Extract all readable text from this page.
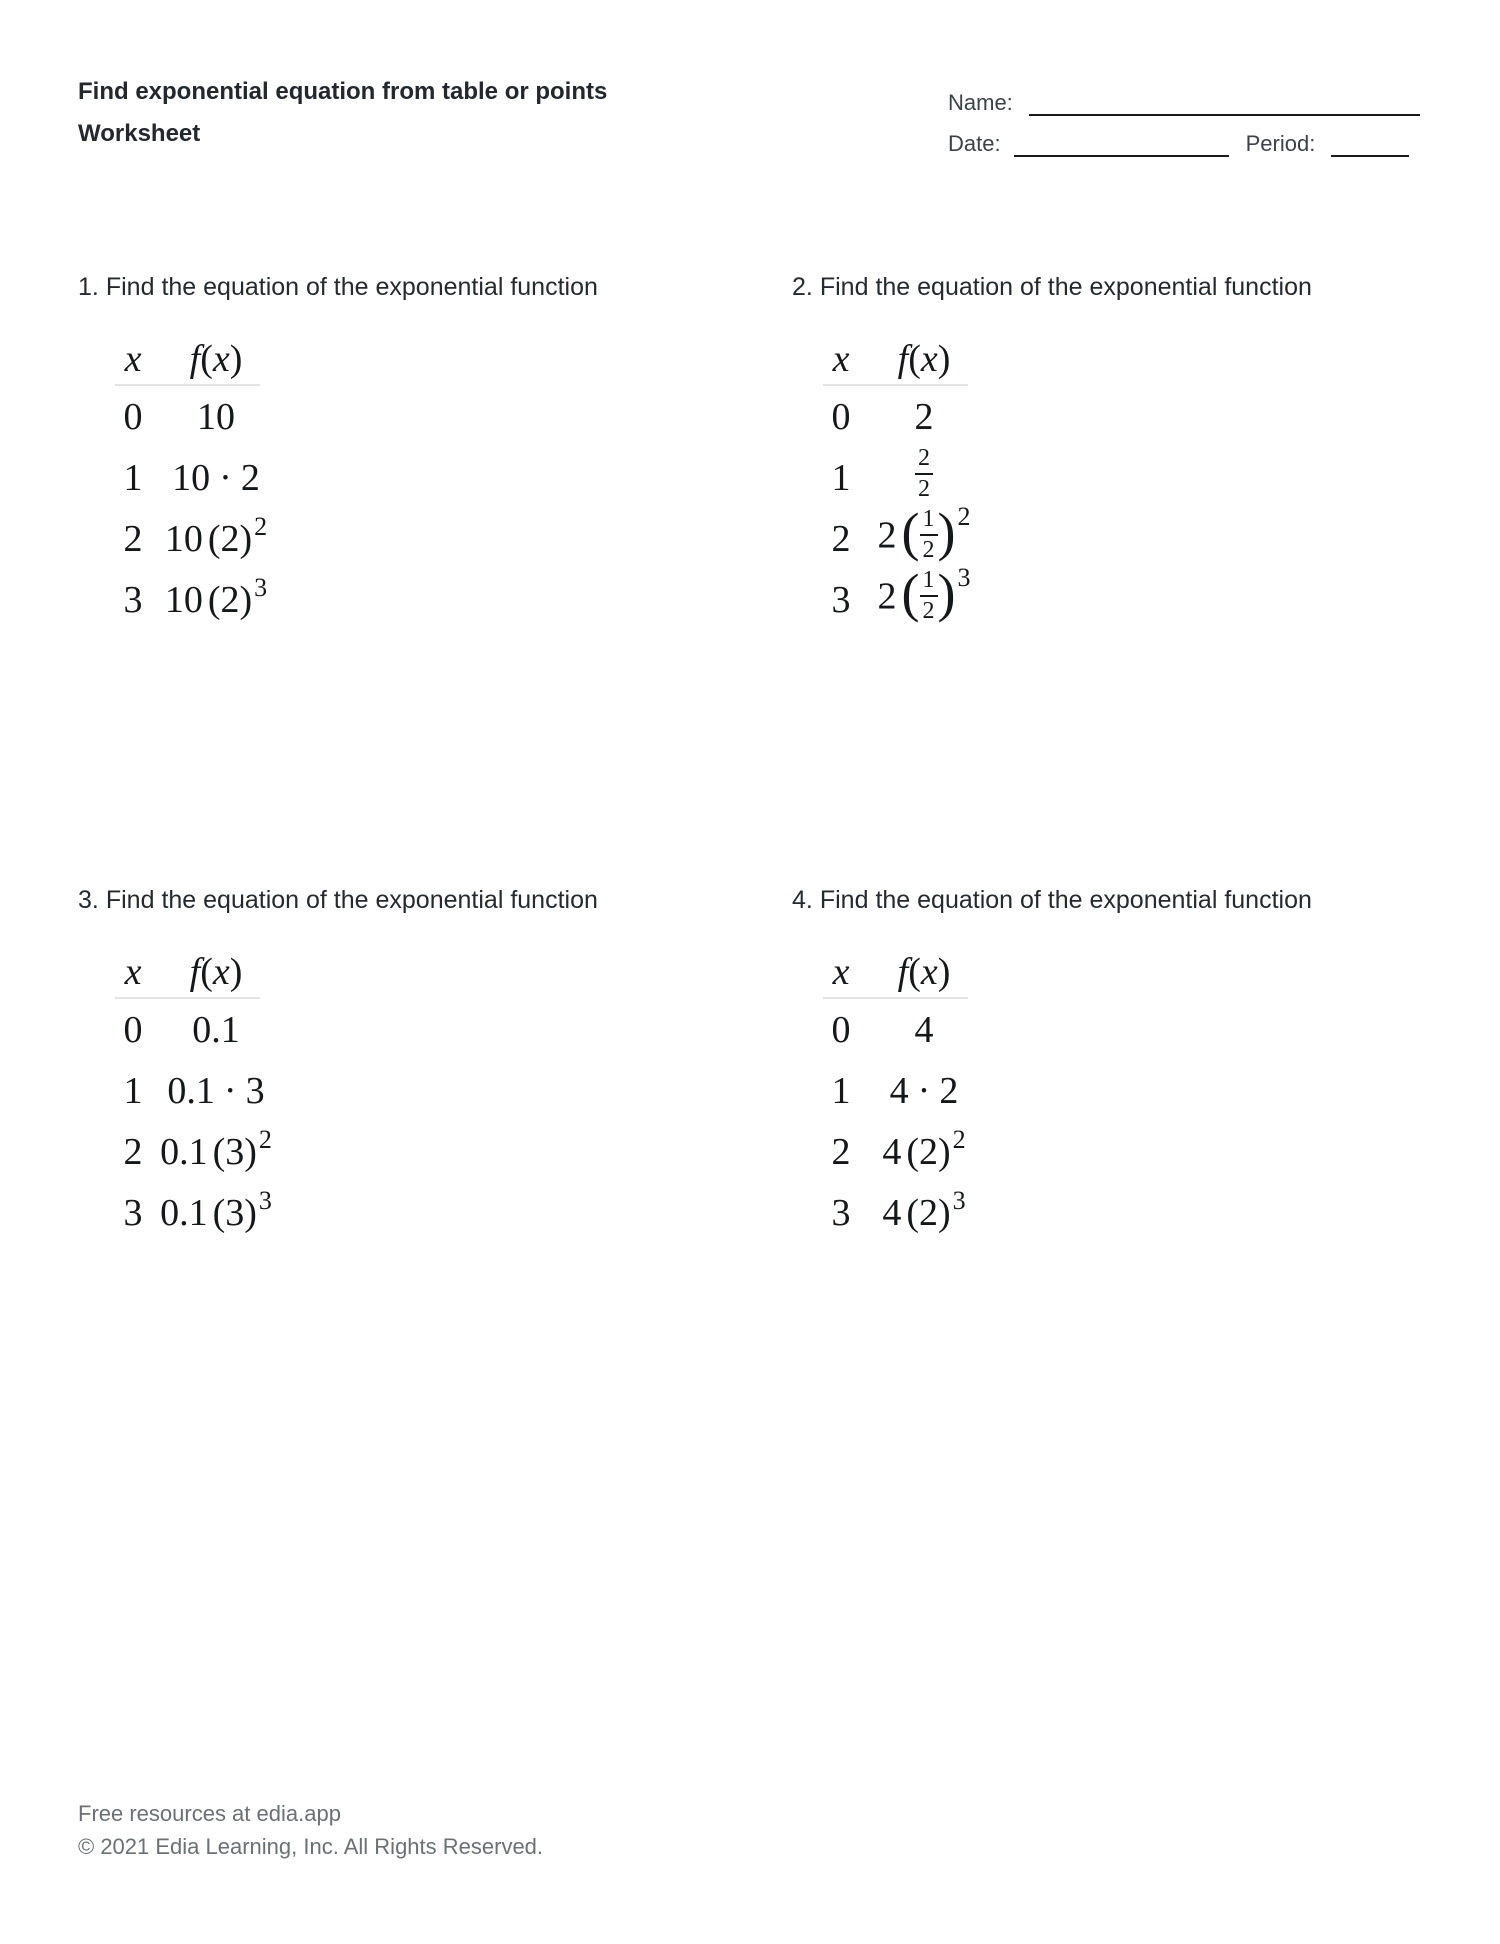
Find exponential equation from table or points
Worksheet
Name:
Date:	Period:
1. Find the equation of the exponential function
x	f(x)
0	10
1 10 · 2
2 10 (2)2
3 10 (2)3
2. Find the equation of the exponential function
x	f(x)
0	2
1	$\frac{2}{2}$
2 $2( \frac{1}{2} )2$
3 $2( \frac{1}{2} )3$
3. Find the equation of the exponential function
x	f(x)
0	0.1
1 0.1 · 3
2 0.1 (3)2
3 0.1 (3)3
4. Find the equation of the exponential function
x	f(x)
0	4
1	4 · 2
2 4 (2)2
3 4 (2)3
Free resources at edia.app
© 2021 Edia Learning, Inc. All Rights Reserved.
